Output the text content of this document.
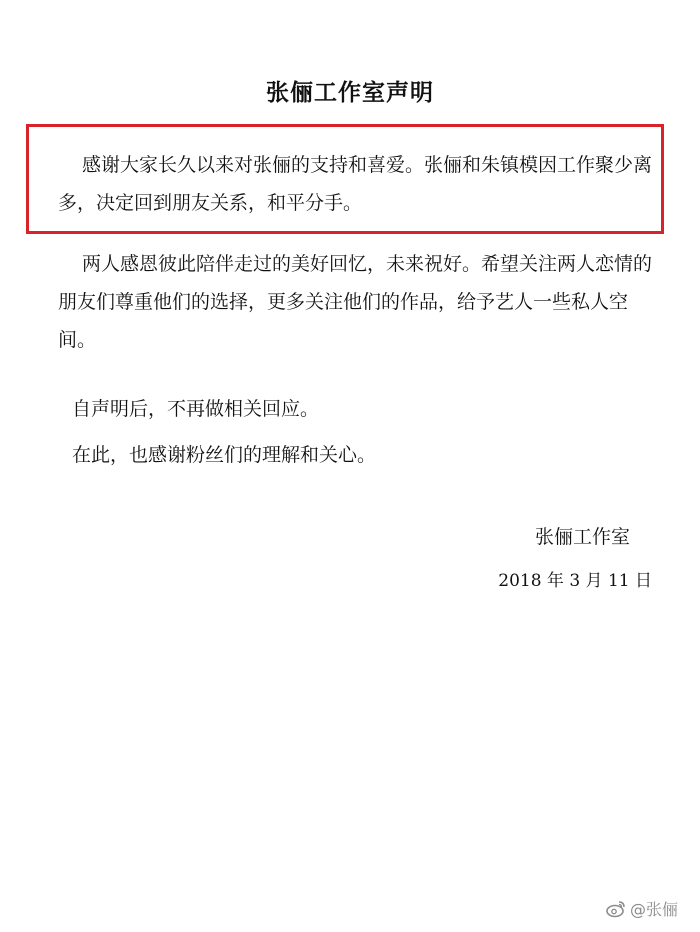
张俪工作室声明
感谢大家长久以来对张俪的支持和喜爱。张俪和朱镇模因工作聚少离多，决定回到朋友关系，和平分手。
两人感恩彼此陪伴走过的美好回忆，未来祝好。希望关注两人恋情的朋友们尊重他们的选择，更多关注他们的作品，给予艺人一些私人空间。
自声明后，不再做相关回应。
在此，也感谢粉丝们的理解和关心。
张俪工作室
2018 年 3 月 11 日
@张俪
